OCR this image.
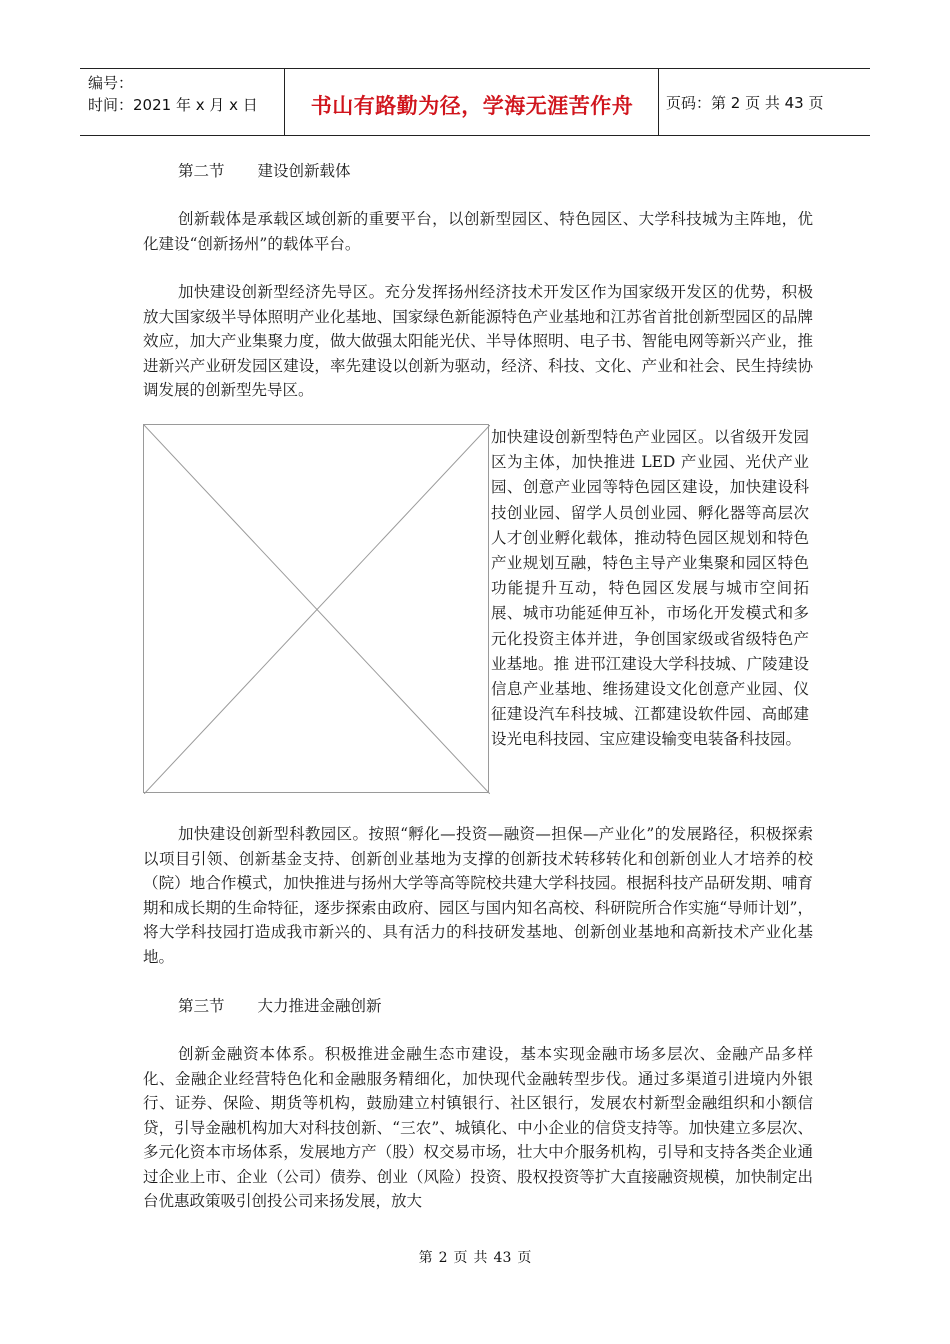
编号：
时间：2021 年 x 月 x 日	书山有路勤为径，学海无涯苦作舟	页码：第 2 页 共 43 页
第二节 建设创新载体

创新载体是承载区域创新的重要平台，以创新型园区、特色园区、大学科技城为主阵地，优化建设“创新扬州”的载体平台。

加快建设创新型经济先导区。充分发挥扬州经济技术开发区作为国家级开发区的优势，积极放大国家级半导体照明产业化基地、国家绿色新能源特色产业基地和江苏省首批创新型园区的品牌效应，加大产业集聚力度，做大做强太阳能光伏、半导体照明、电子书、智能电网等新兴产业，推进新兴产业研发园区建设，率先建设以创新为驱动，经济、科技、文化、产业和社会、民生持续协调发展的创新型先导区。

加快建设创新型特色产业园区。以省级开发园区为主体，加快推进 LED 产业园、光伏产业园、创意产业园等特色园区建设，加快建设科技创业园、留学人员创业园、孵化器等高层次人才创业孵化载体，推动特色园区规划和特色产业规划互融，特色主导产业集聚和园区特色功能提升互动，特色园区发展与城市空间拓展、城市功能延伸互补，市场化开发模式和多元化投资主体并进，争创国家级或省级特色产业基地。推 进邗江建设大学科技城、广陵建设信息产业基地、维扬建设文化创意产业园、仪征建设汽车科技城、江都建设软件园、高邮建设光电科技园、宝应建设输变电装备科技园。

加快建设创新型科教园区。按照“孵化—投资—融资—担保—产业化”的发展路径，积极探索以项目引领、创新基金支持、创新创业基地为支撑的创新技术转移转化和创新创业人才培养的校（院）地合作模式，加快推进与扬州大学等高等院校共建大学科技园。根据科技产品研发期、哺育期和成长期的生命特征，逐步探索由政府、园区与国内知名高校、科研院所合作实施“导师计划”，将大学科技园打造成我市新兴的、具有活力的科技研发基地、创新创业基地和高新技术产业化基地。

第三节 大力推进金融创新

创新金融资本体系。积极推进金融生态市建设，基本实现金融市场多层次、金融产品多样化、金融企业经营特色化和金融服务精细化，加快现代金融转型步伐。通过多渠道引进境内外银行、证券、保险、期货等机构，鼓励建立村镇银行、社区银行，发展农村新型金融组织和小额信贷，引导金融机构加大对科技创新、“三农”、城镇化、中小企业的信贷支持等。加快建立多层次、多元化资本市场体系，发展地方产（股）权交易市场，壮大中介服务机构，引导和支持各类企业通过企业上市、企业（公司）债券、创业（风险）投资、股权投资等扩大直接融资规模，加快制定出台优惠政策吸引创投公司来扬发展，放大

第 2 页 共 43 页
